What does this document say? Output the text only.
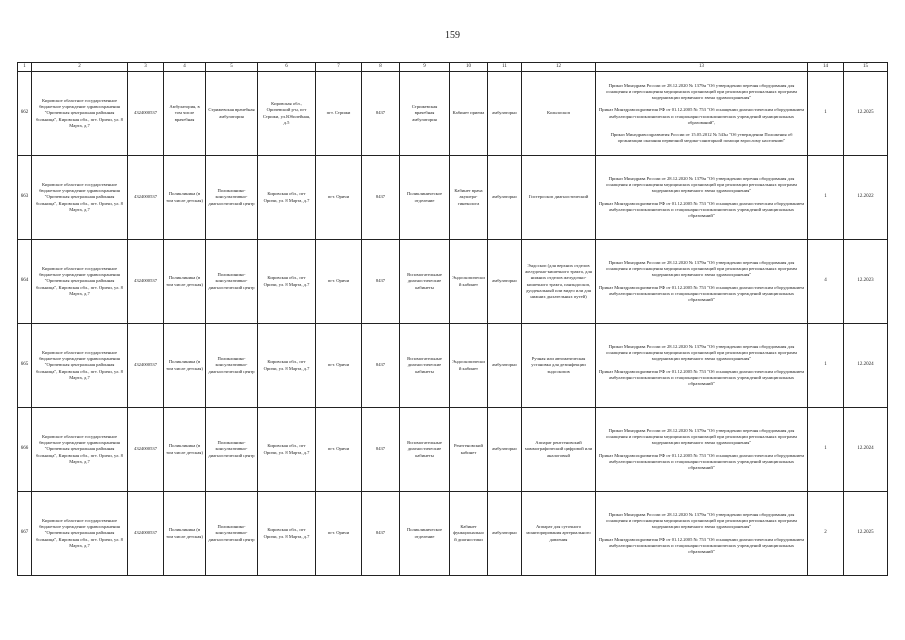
159
1	2	3	4	5	6	7	8	9	10	11	12	13	14	15
662	Кировское областное государственное бюджетное учреждение здравоохранения "Оричевская центральная районная больница", Кировская обл., пгт. Оричи, ул. 8 Марта, д.7	4324000537	Амбулатория, в том числе врачебная	Стрижевская врачебная амбулатория	Кировская обл., Оричевский р-н, пгт Стрижи, ул.Юбилейная, д.5	пгт. Стрижи	8437	Стрижевская врачебная амбулатория	Кабинет приема	амбулаторно	Кольпоскоп	Приказ Минздрава России от 28.12.2020 № 1379н "Об утверждении перечня оборудования для оснащения и переоснащения медицинских организаций при реализации региональных программ модернизации первичного звена здравоохранения"

Приказ Минздравсоцразвития РФ от 01.12.2005 № 753 "Об оснащении диагностическим оборудованием амбулаторно-поликлинических и стационарно-поликлинических учреждений муниципальных образований",

Приказ Минздравсоцразвития России от 15.05.2012 № 543н "Об утверждении Положения об организации оказания первичной медико-санитарной помощи взрослому населению"	1	12.2025
663	Кировское областное государственное бюджетное учреждение здравоохранения "Оричевская центральная районная больница", Кировская обл., пгт. Оричи, ул. 8 Марта, д.7	4324000537	Поликлиника (в том числе детская)	Поликлинико-консультативно-диагностический центр	Кировская обл., пгт Оричи, ул. 8 Марта, д.7	пгт. Оричи	8437	Поликлиническое отделение	Кабинет врача акушера-гинеколога	амбулаторно	Гистероскоп диагностический	Приказ Минздрава России от 28.12.2020 № 1379н "Об утверждении перечня оборудования для оснащения и переоснащения медицинских организаций при реализации региональных программ модернизации первичного звена здравоохранения"

Приказ Минздравсоцразвития РФ от 01.12.2005 № 753 "Об оснащении диагностическим оборудованием амбулаторно-поликлинических и стационарно-поликлинических учреждений муниципальных образований"	1	12.2022
664	Кировское областное государственное бюджетное учреждение здравоохранения "Оричевская центральная районная больница", Кировская обл., пгт. Оричи, ул. 8 Марта, д.7	4324000537	Поликлиника (в том числе детская)	Поликлинико-консультативно-диагностический центр	Кировская обл., пгт Оричи, ул. 8 Марта, д.7	пгт. Оричи	8437	Вспомогательные диагностические кабинеты	Эндоскопический кабинет	амбулаторно	Эндоскоп (для верхних отделов желудочно-кишечного тракта, для нижних отделов желудочно-кишечного тракта, панэндоскоп, дуоденальный или видео или для нижних дыхательных путей)	Приказ Минздрава России от 28.12.2020 № 1379н "Об утверждении перечня оборудования для оснащения и переоснащения медицинских организаций при реализации региональных программ модернизации первичного звена здравоохранения"

Приказ Минздравсоцразвития РФ от 01.12.2005 № 753 "Об оснащении диагностическим оборудованием амбулаторно-поликлинических и стационарно-поликлинических учреждений муниципальных образований"	4	12.2023
665	Кировское областное государственное бюджетное учреждение здравоохранения "Оричевская центральная районная больница", Кировская обл., пгт. Оричи, ул. 8 Марта, д.7	4324000537	Поликлиника (в том числе детская)	Поликлинико-консультативно-диагностический центр	Кировская обл., пгт Оричи, ул. 8 Марта, д.7	пгт. Оричи	8437	Вспомогательные диагностические кабинеты	Эндоскопический кабинет	амбулаторно	Ручная или автоматическая установка для дезинфекции эндоскопов	Приказ Минздрава России от 28.12.2020 № 1379н "Об утверждении перечня оборудования для оснащения и переоснащения медицинских организаций при реализации региональных программ модернизации первичного звена здравоохранения"

Приказ Минздравсоцразвития РФ от 01.12.2005 № 753 "Об оснащении диагностическим оборудованием амбулаторно-поликлинических и стационарно-поликлинических учреждений муниципальных образований"	1	12.2024
666	Кировское областное государственное бюджетное учреждение здравоохранения "Оричевская центральная районная больница", Кировская обл., пгт. Оричи, ул. 8 Марта, д.7	4324000537	Поликлиника (в том числе детская)	Поликлинико-консультативно-диагностический центр	Кировская обл., пгт Оричи, ул. 8 Марта, д.7	пгт. Оричи	8437	Вспомогательные диагностические кабинеты	Рентгеновский кабинет	амбулаторно	Аппарат рентгеновский маммографический цифровой или аналоговый	Приказ Минздрава России от 28.12.2020 № 1379н "Об утверждении перечня оборудования для оснащения и переоснащения медицинских организаций при реализации региональных программ модернизации первичного звена здравоохранения"

Приказ Минздравсоцразвития РФ от 01.12.2005 № 753 "Об оснащении диагностическим оборудованием амбулаторно-поликлинических и стационарно-поликлинических учреждений муниципальных образований"	1	12.2024
667	Кировское областное государственное бюджетное учреждение здравоохранения "Оричевская центральная районная больница", Кировская обл., пгт. Оричи, ул. 8 Марта, д.7	4324000537	Поликлиника (в том числе детская)	Поликлинико-консультативно-диагностический центр	Кировская обл., пгт Оричи, ул. 8 Марта, д.7	пгт. Оричи	8437	Поликлиническое отделение	Кабинет функциональной диагностики	амбулаторно	Аппарат для суточного мониторирования артериального давления	Приказ Минздрава России от 28.12.2020 № 1379н "Об утверждении перечня оборудования для оснащения и переоснащения медицинских организаций при реализации региональных программ модернизации первичного звена здравоохранения"

Приказ Минздравсоцразвития РФ от 01.12.2005 № 753 "Об оснащении диагностическим оборудованием амбулаторно-поликлинических и стационарно-поликлинических учреждений муниципальных образований"	2	12.2025
